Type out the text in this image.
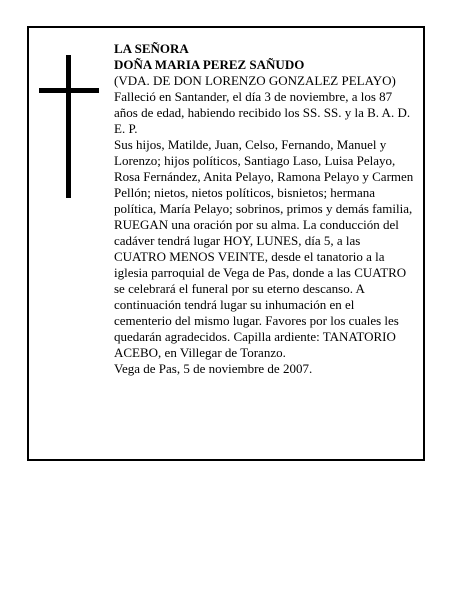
LA SEÑORA

DOÑA MARIA PEREZ SAÑUDO

(VDA. DE DON LORENZO GONZALEZ PELAYO)

Falleció en Santander, el día 3 de noviembre, a los 87 años de edad, habiendo recibido los SS. SS. y la B. A. D. E. P.

Sus hijos, Matilde, Juan, Celso, Fernando, Manuel y Lorenzo; hijos políticos, Santiago Laso, Luisa Pelayo, Rosa Fernández, Anita Pelayo, Ramona Pelayo y Carmen Pellón; nietos, nietos políticos, bisnietos; hermana política, María Pelayo; sobrinos, primos y demás familia,

RUEGAN una oración por su alma. La conducción del cadáver tendrá lugar HOY, LUNES, día 5, a las CUATRO MENOS VEINTE, desde el tanatorio a la iglesia parroquial de Vega de Pas, donde a las CUATRO se celebrará el funeral por su eterno descanso. A continuación tendrá lugar su inhumación en el cementerio del mismo lugar. Favores por los cuales les quedarán agradecidos. Capilla ardiente: TANATORIO ACEBO, en Villegar de Toranzo.

Vega de Pas, 5 de noviembre de 2007.
